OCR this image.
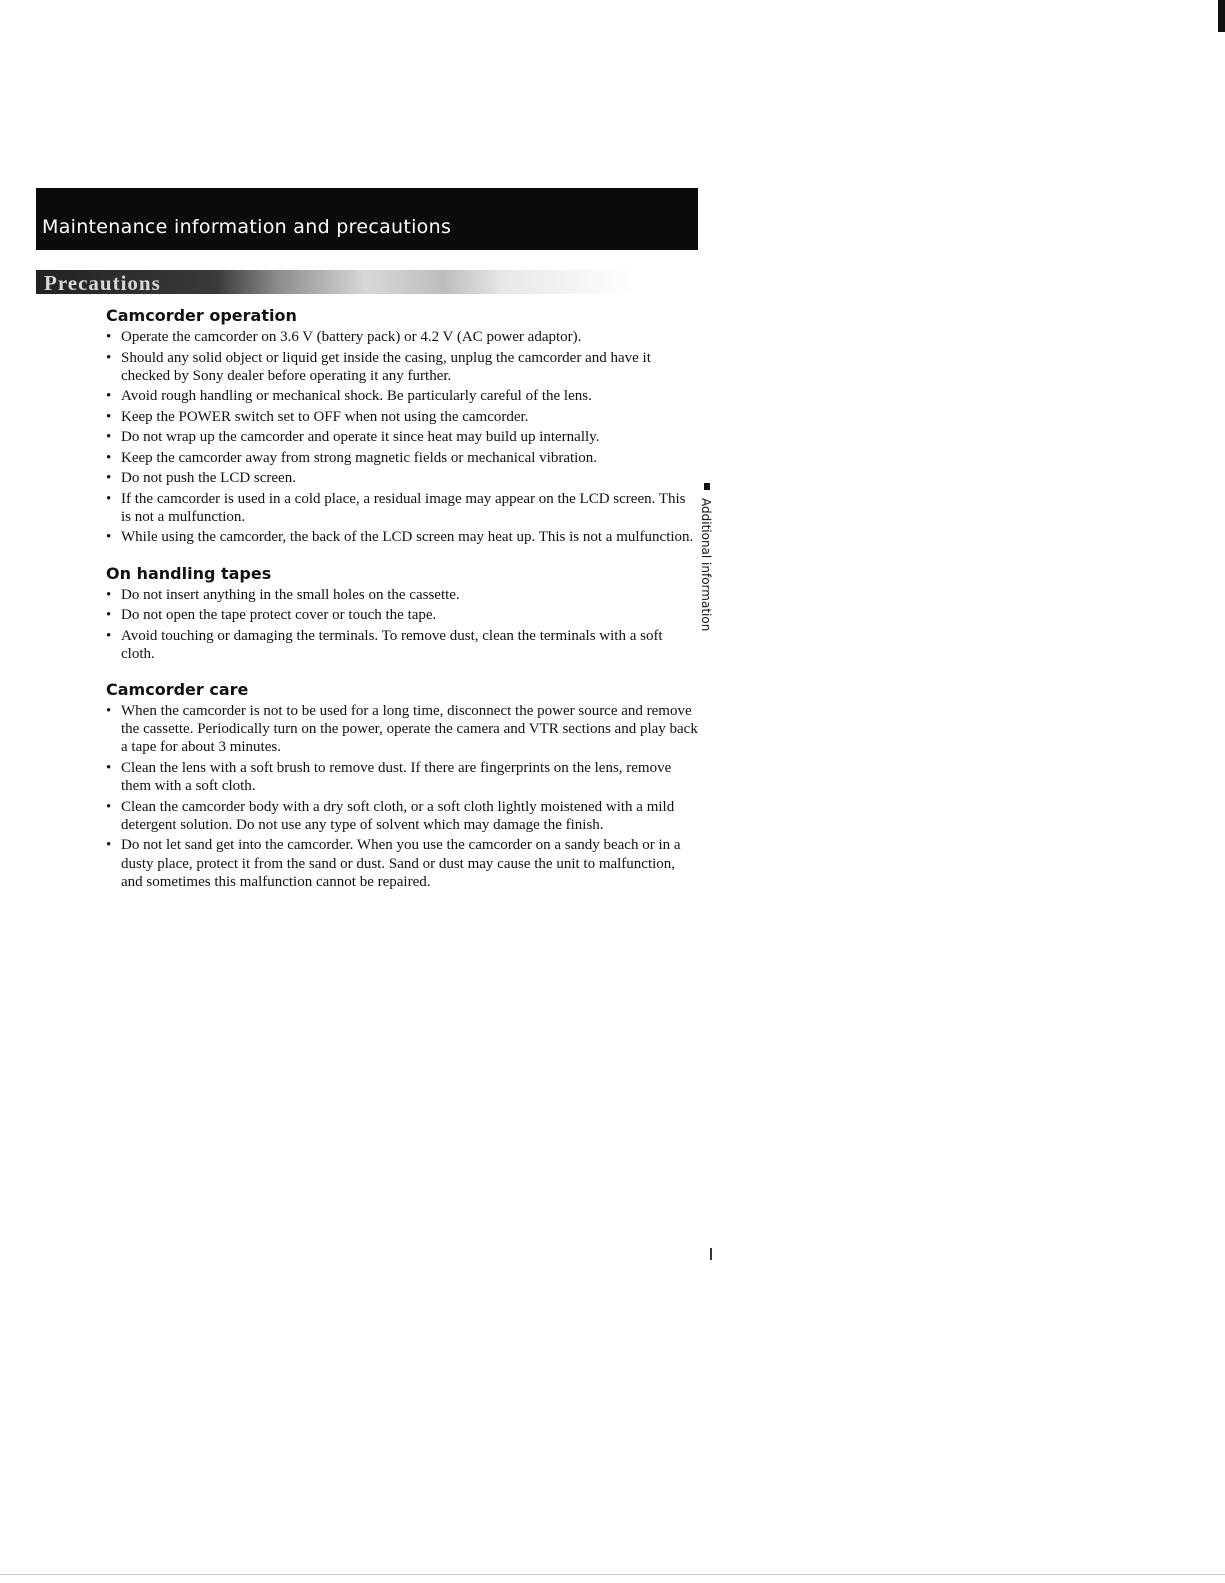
Maintenance information and precautions
Precautions
Camcorder operation
• Operate the camcorder on 3.6 V (battery pack) or 4.2 V (AC power adaptor).
• Should any solid object or liquid get inside the casing, unplug the camcorder and have it checked by Sony dealer before operating it any further.
• Avoid rough handling or mechanical shock. Be particularly careful of the lens.
• Keep the POWER switch set to OFF when not using the camcorder.
• Do not wrap up the camcorder and operate it since heat may build up internally.
• Keep the camcorder away from strong magnetic fields or mechanical vibration.
• Do not push the LCD screen.
• If the camcorder is used in a cold place, a residual image may appear on the LCD screen. This is not a mulfunction.
• While using the camcorder, the back of the LCD screen may heat up. This is not a mulfunction.
On handling tapes
• Do not insert anything in the small holes on the cassette.
• Do not open the tape protect cover or touch the tape.
• Avoid touching or damaging the terminals. To remove dust, clean the terminals with a soft cloth.
Camcorder care
• When the camcorder is not to be used for a long time, disconnect the power source and remove the cassette. Periodically turn on the power, operate the camera and VTR sections and play back a tape for about 3 minutes.
• Clean the lens with a soft brush to remove dust. If there are fingerprints on the lens, remove them with a soft cloth.
• Clean the camcorder body with a dry soft cloth, or a soft cloth lightly moistened with a mild detergent solution. Do not use any type of solvent which may damage the finish.
• Do not let sand get into the camcorder. When you use the camcorder on a sandy beach or in a dusty place, protect it from the sand or dust. Sand or dust may cause the unit to malfunction, and sometimes this malfunction cannot be repaired.
Additional information
